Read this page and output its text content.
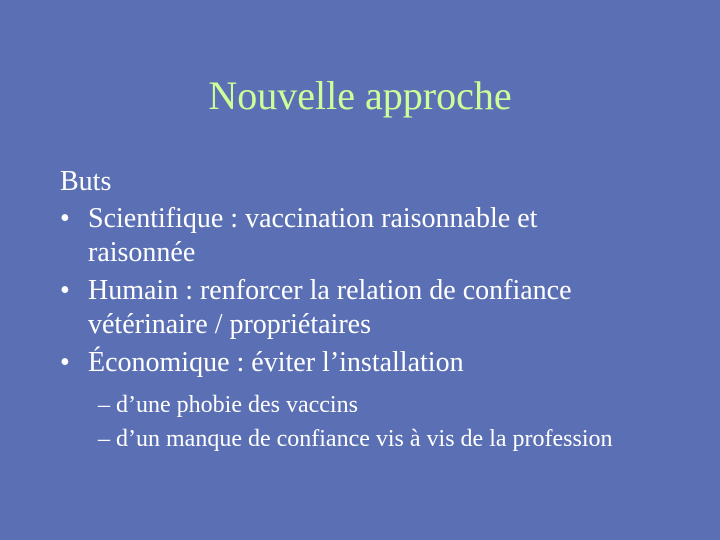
Nouvelle approche
Buts
• Scientifique : vaccination raisonnable et
raisonnée
• Humain : renforcer la relation de confiance
vétérinaire / propriétaires
• Économique : éviter l’installation
– d’une phobie des vaccins
– d’un manque de confiance vis à vis de la profession
